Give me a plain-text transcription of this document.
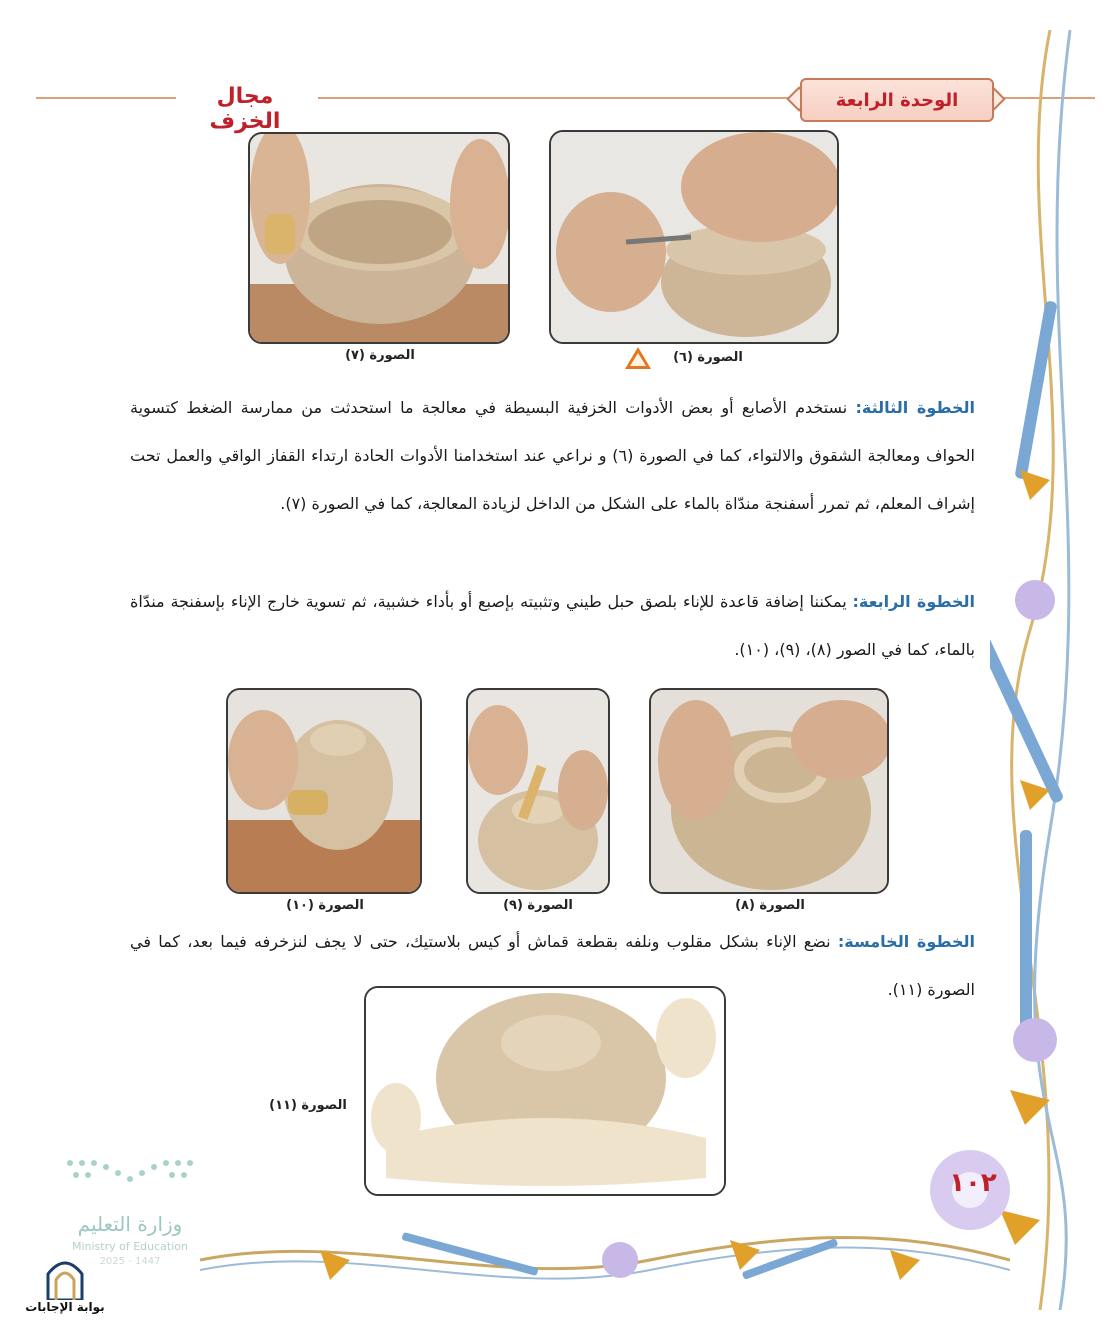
مجال الخزف
الوحدة الرابعة
الصورة (٧)	الصورة (٦)
الخطوة الثالثة: نستخدم الأصابع أو بعض الأدوات الخزفية البسيطة في معالجة ما استحدثت من ممارسة الضغط كتسوية الحواف ومعالجة الشقوق والالتواء، كما في الصورة (٦) و نراعي عند استخدامنا الأدوات الحادة ارتداء القفاز الواقي والعمل تحت إشراف المعلم، ثم تمرر أسفنجة مندّاة بالماء على الشكل من الداخل لزيادة المعالجة، كما في الصورة (٧).
الخطوة الرابعة: يمكننا إضافة قاعدة للإناء بلصق حبل طيني وتثبيته بإصبع أو بأداء خشبية، ثم تسوية خارج الإناء بإسفنجة مندّاة بالماء، كما في الصور (٨)، (٩)، (١٠).
الصورة (١٠)	الصورة (٩)	الصورة (٨)
الخطوة الخامسة: نضع الإناء بشكل مقلوب ونلفه بقطعة قماش أو كيس بلاستيك، حتى لا يجف لنزخرفه فيما بعد، كما في الصورة (١١).
الصورة (١١)
١٠٢
وزارة التعليم
Ministry of Education
2025 - 1447
بوابة الإجابات
